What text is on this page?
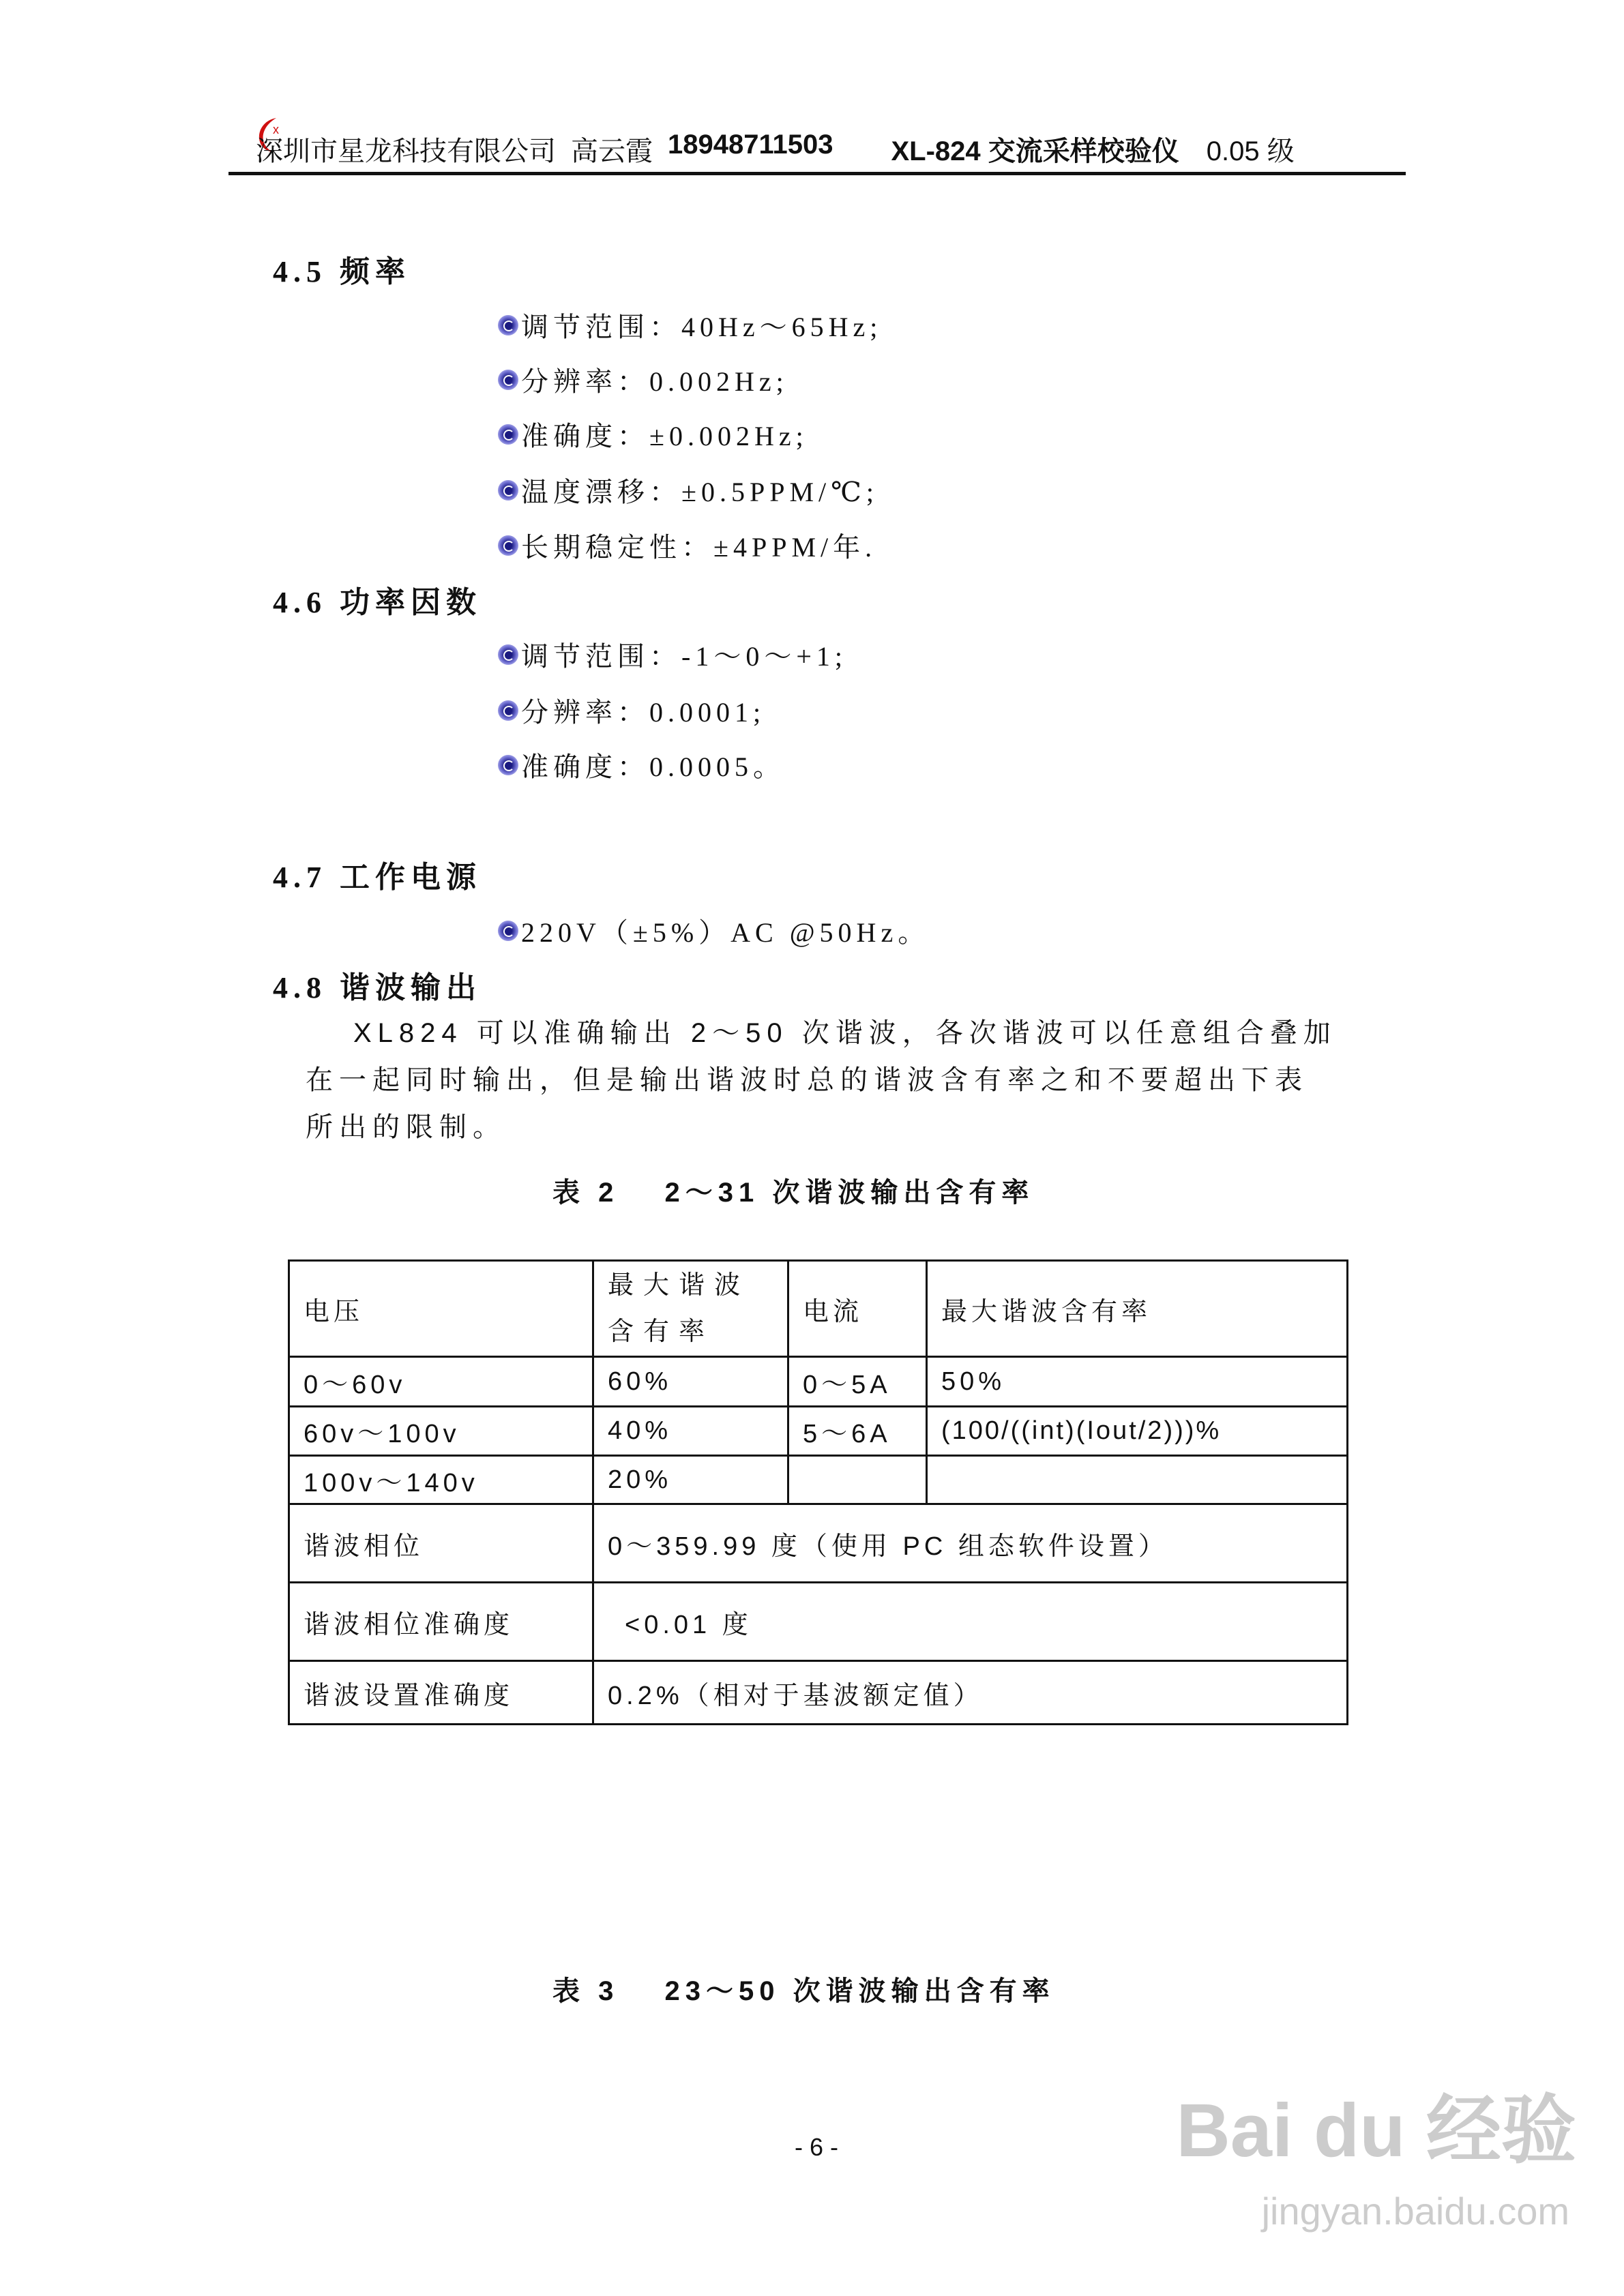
x
深圳市星龙科技有限公司 高云霞 18948711503 XL-824 交流采样校验仪 0.05 级
4.5 频率
调节范围：40Hz～65Hz;
分辨率：0.002Hz;
准确度：±0.002Hz;
温度漂移：±0.5PPM/℃;
长期稳定性：±4PPM/年.
4.6 功率因数
调节范围：-1～0～+1;
分辨率：0.0001;
准确度：0.0005。
4.7 工作电源
220V（±5%）AC @50Hz。
4.8 谐波输出
XL824 可以准确输出 2～50 次谐波，各次谐波可以任意组合叠加
在一起同时输出，但是输出谐波时总的谐波含有率之和不要超出下表
所出的限制。
表 2　 2～31 次谐波输出含有率
电压	最大谐波含有率	电流	最大谐波含有率
0～60v	60%	0～5A	50%
60v～100v	40%	5～6A	(100/((int)(Iout/2)))%
100v～140v	20%		
谐波相位	0～359.99 度（使用 PC 组态软件设置）		
谐波相位准确度	<0.01 度		
谐波设置准确度	0.2%（相对于基波额定值）		
表 3　 23～50 次谐波输出含有率
- 6 -	Bai du 经验
jingyan.baidu.com
